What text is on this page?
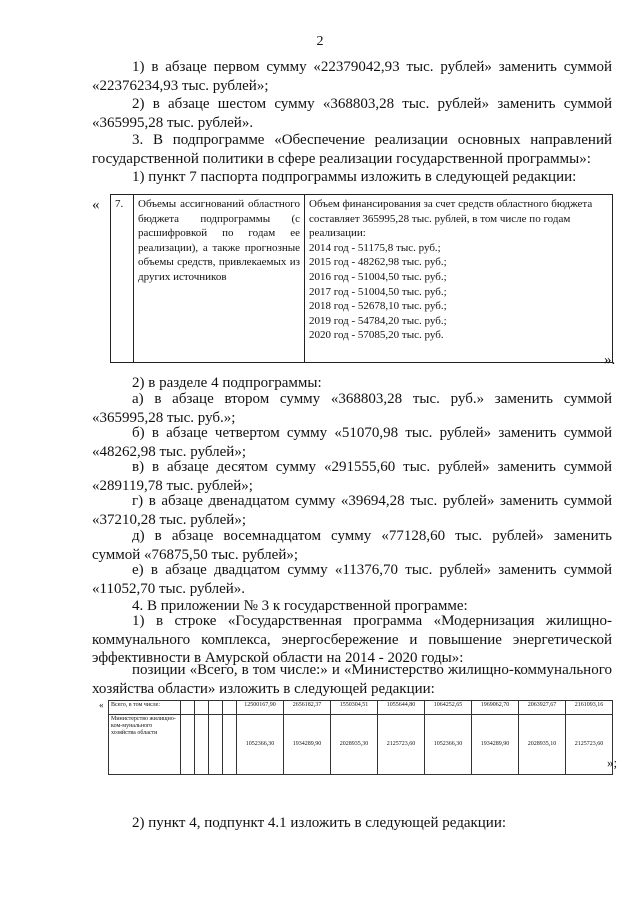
2
1) в абзаце первом сумму «22379042,93 тыс. рублей» заменить суммой «22376234,93 тыс. рублей»;
2) в абзаце шестом сумму «368803,28 тыс. рублей» заменить суммой «365995,28 тыс. рублей».
3. В подпрограмме «Обеспечение реализации основных направлений государственной политики в сфере реализации государственной программы»:
1) пункт 7 паспорта подпрограммы изложить в следующей редакции:
« 7.	Объемы ассигнований областного бюджета подпрограммы (с расшифровкой по годам ее реализации), а также прогнозные объемы средств, привлекаемых из других источников	
Объем финансирования за счет средств областного бюджета составляет 365995,28 тыс. рублей, в том числе по годам реализации:
2014 год - 51175,8 тыс. руб.;
2015 год - 48262,98 тыс. руб.;
2016 год - 51004,50 тыс. руб.;
2017 год - 51004,50 тыс. руб.;
2018 год - 52678,10 тыс. руб.;
2019 год - 54784,20 тыс. руб.;
2020 год - 57085,20 тыс. руб.
».
2) в разделе 4 подпрограммы:
а) в абзаце втором сумму «368803,28 тыс. руб.» заменить суммой «365995,28 тыс. руб.»;
б) в абзаце четвертом сумму «51070,98 тыс. рублей» заменить суммой «48262,98 тыс. рублей»;
в) в абзаце десятом сумму «291555,60 тыс. рублей» заменить суммой «289119,78 тыс. рублей»;
г) в абзаце двенадцатом сумму «39694,28 тыс. рублей» заменить суммой «37210,28 тыс. рублей»;
д) в абзаце восемнадцатом сумму «77128,60 тыс. рублей» заменить суммой «76875,50 тыс. рублей»;
е) в абзаце двадцатом сумму «11376,70 тыс. рублей» заменить суммой «11052,70 тыс. рублей».
4. В приложении № 3 к государственной программе:
1) в строке «Государственная программа «Модернизация жилищно-коммунального комплекса, энергосбережение и повышение энергетической эффективности в Амурской области на 2014 - 2020 годы»:
позиции «Всего, в том числе:» и «Министерство жилищно-коммунального хозяйства области» изложить в следующей редакции:
« Всего, в том числе:					12500167,90	2656182,37	1550304,51	1055644,80	1064252,65	1969062,70	2063927,67	2161093,16
Министерство жилищно-ком-мунального хозяйства области					1052366,30	1934289,90	2028935,30	2125723,60	1052366,30	1934289,90	2028935,10	2125723,60
»;
2) пункт 4, подпункт 4.1 изложить в следующей редакции:
